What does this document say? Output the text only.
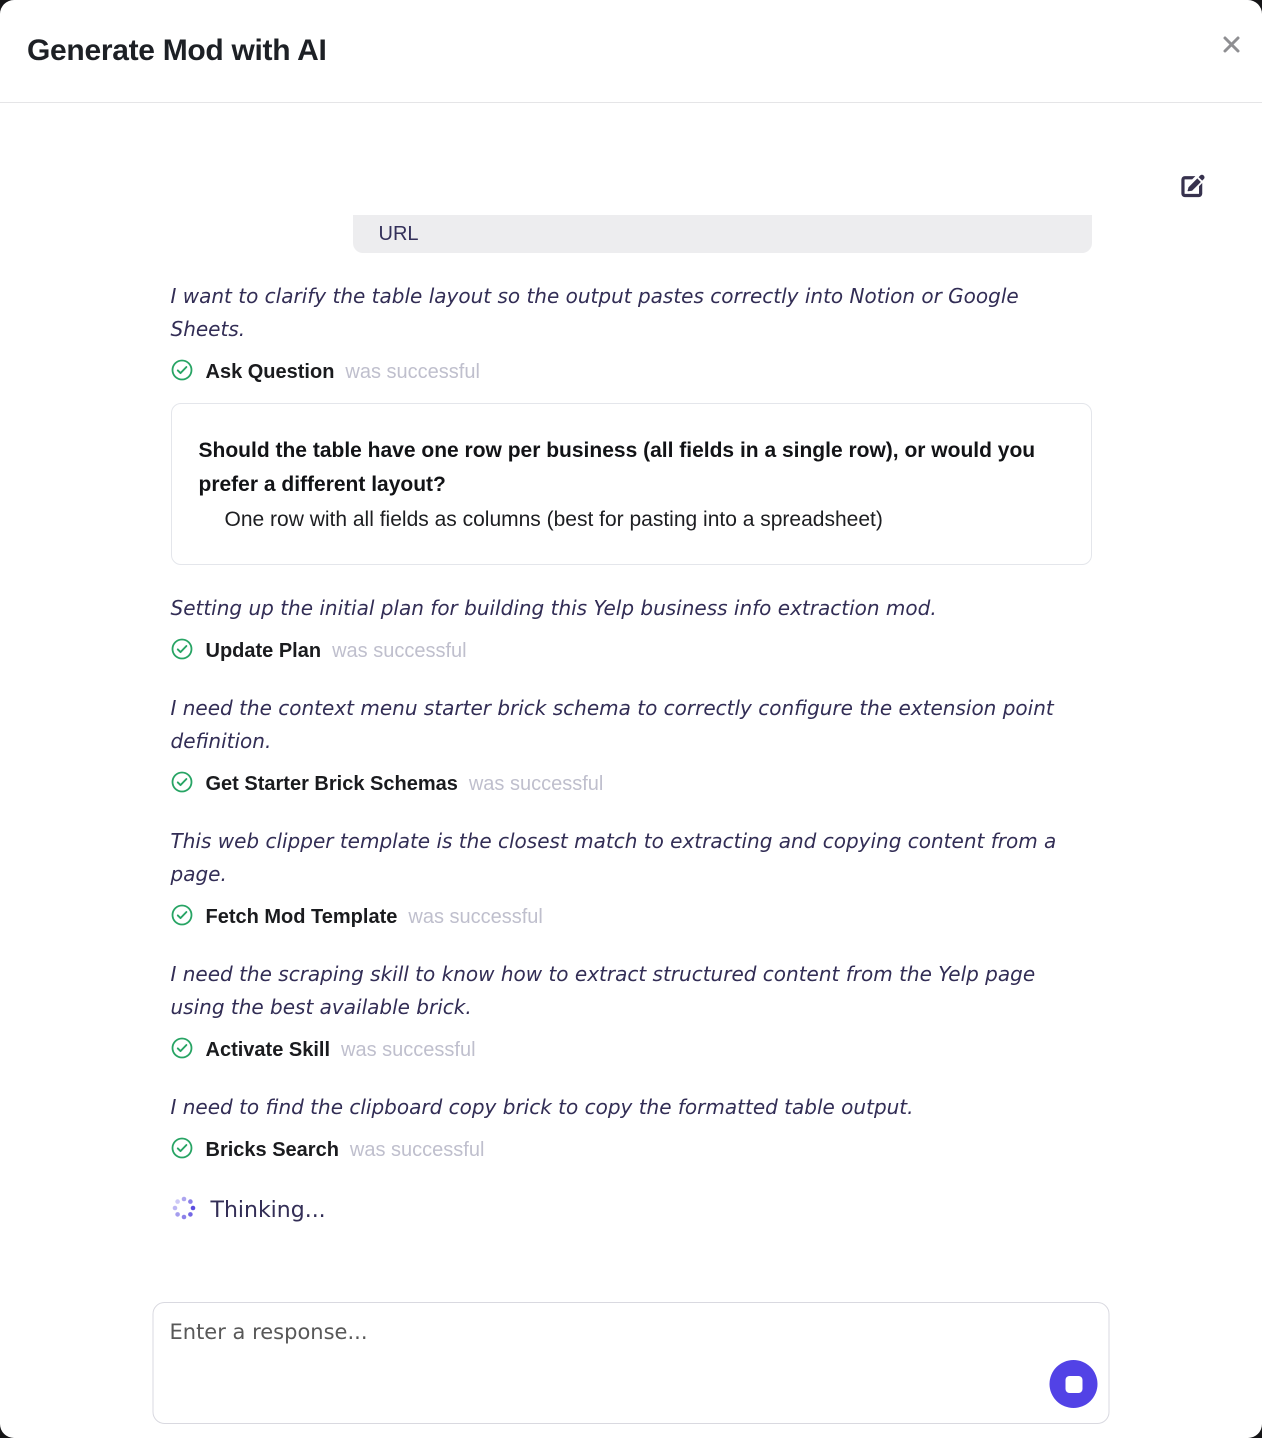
Generate Mod with AI
URL

I want to clarify the table layout so the output pastes correctly into Notion or Google Sheets.

Ask Question was successful
Should the table have one row per business (all fields in a single row), or would you prefer a different layout?
One row with all fields as columns (best for pasting into a spreadsheet)

Setting up the initial plan for building this Yelp business info extraction mod.

Update Plan was successful

I need the context menu starter brick schema to correctly configure the extension point definition.

Get Starter Brick Schemas was successful

This web clipper template is the closest match to extracting and copying content from a page.

Fetch Mod Template was successful

I need the scraping skill to know how to extract structured content from the Yelp page using the best available brick.

Activate Skill was successful

I need to find the clipboard copy brick to copy the formatted table output.

Bricks Search was successful
Thinking...
Enter a response...
